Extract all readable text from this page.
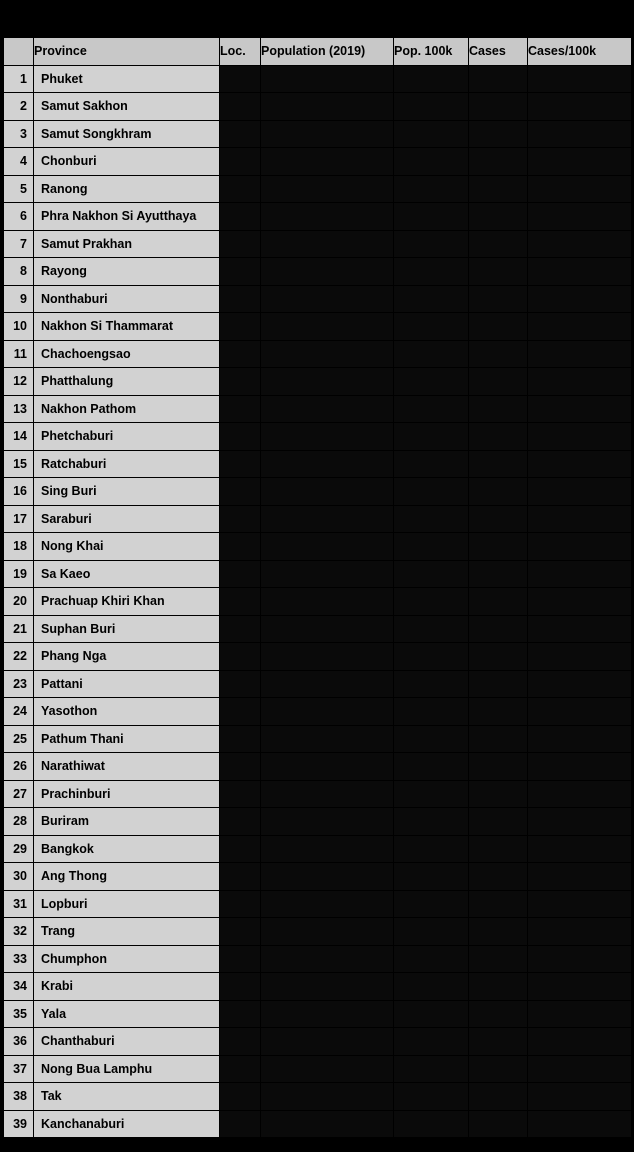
	Province	Loc.	Population (2019)	Pop. 100k	Cases	Cases/100k
1	Phuket					
2	Samut Sakhon					
3	Samut Songkhram					
4	Chonburi					
5	Ranong					
6	Phra Nakhon Si Ayutthaya					
7	Samut Prakhan					
8	Rayong					
9	Nonthaburi					
10	Nakhon Si Thammarat					
11	Chachoengsao					
12	Phatthalung					
13	Nakhon Pathom					
14	Phetchaburi					
15	Ratchaburi					
16	Sing Buri					
17	Saraburi					
18	Nong Khai					
19	Sa Kaeo					
20	Prachuap Khiri Khan					
21	Suphan Buri					
22	Phang Nga					
23	Pattani					
24	Yasothon					
25	Pathum Thani					
26	Narathiwat					
27	Prachinburi					
28	Buriram					
29	Bangkok					
30	Ang Thong					
31	Lopburi					
32	Trang					
33	Chumphon					
34	Krabi					
35	Yala					
36	Chanthaburi					
37	Nong Bua Lamphu					
38	Tak					
39	Kanchanaburi					
